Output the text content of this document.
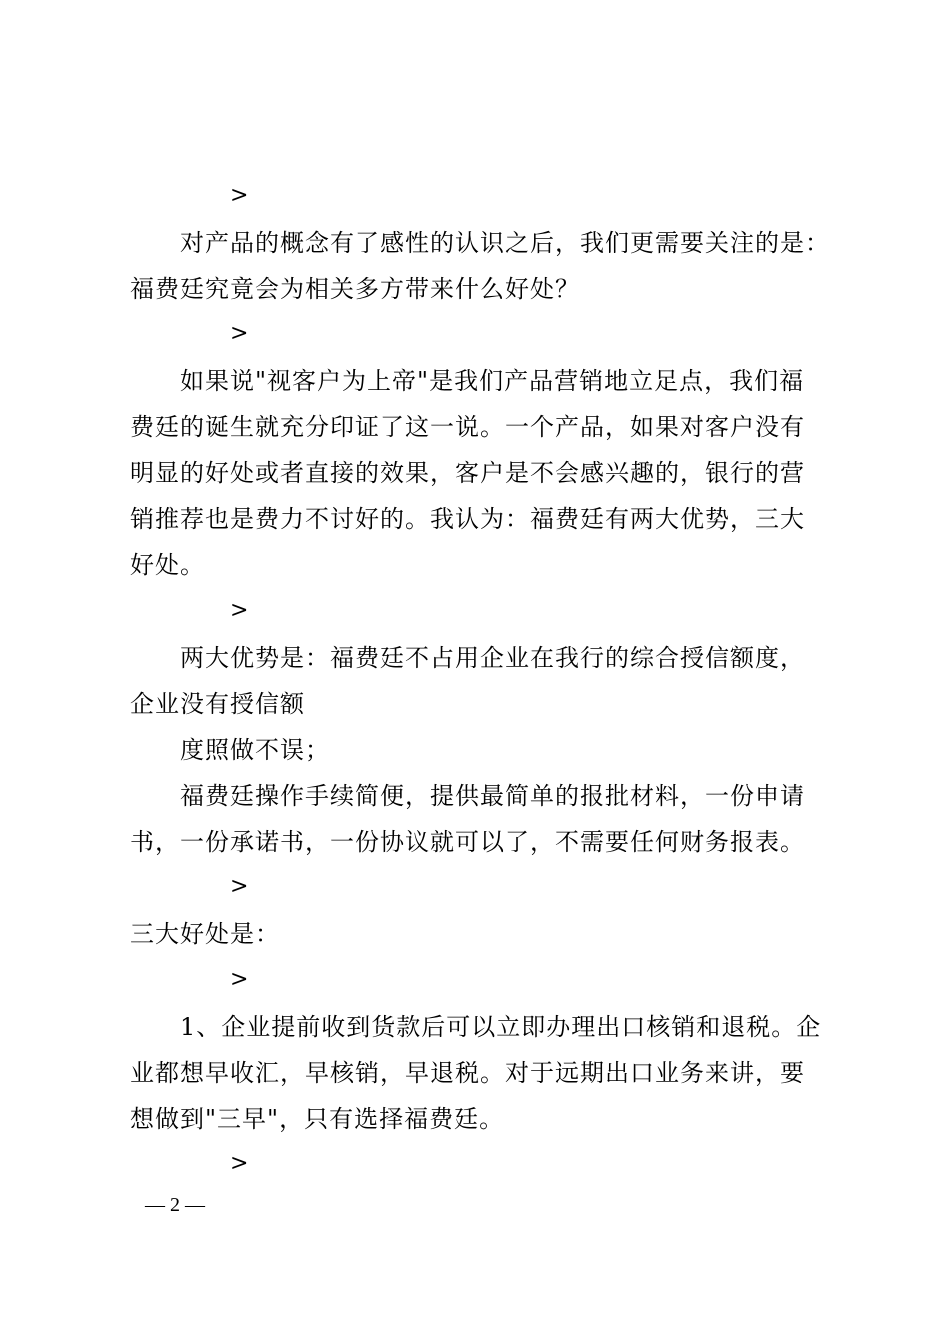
>
对产品的概念有了感性的认识之后，我们更需要关注的是：
福费廷究竟会为相关多方带来什么好处？
>
如果说"视客户为上帝"是我们产品营销地立足点，我们福
费廷的诞生就充分印证了这一说。一个产品，如果对客户没有
明显的好处或者直接的效果，客户是不会感兴趣的，银行的营
销推荐也是费力不讨好的。我认为：福费廷有两大优势，三大
好处。
>
两大优势是：福费廷不占用企业在我行的综合授信额度，
企业没有授信额
度照做不误；
福费廷操作手续简便，提供最简单的报批材料，一份申请
书，一份承诺书，一份协议就可以了，不需要任何财务报表。
>
三大好处是：
>
1、企业提前收到货款后可以立即办理出口核销和退税。企
业都想早收汇，早核销，早退税。对于远期出口业务来讲，要
想做到"三早"，只有选择福费廷。
>
— 2 —
